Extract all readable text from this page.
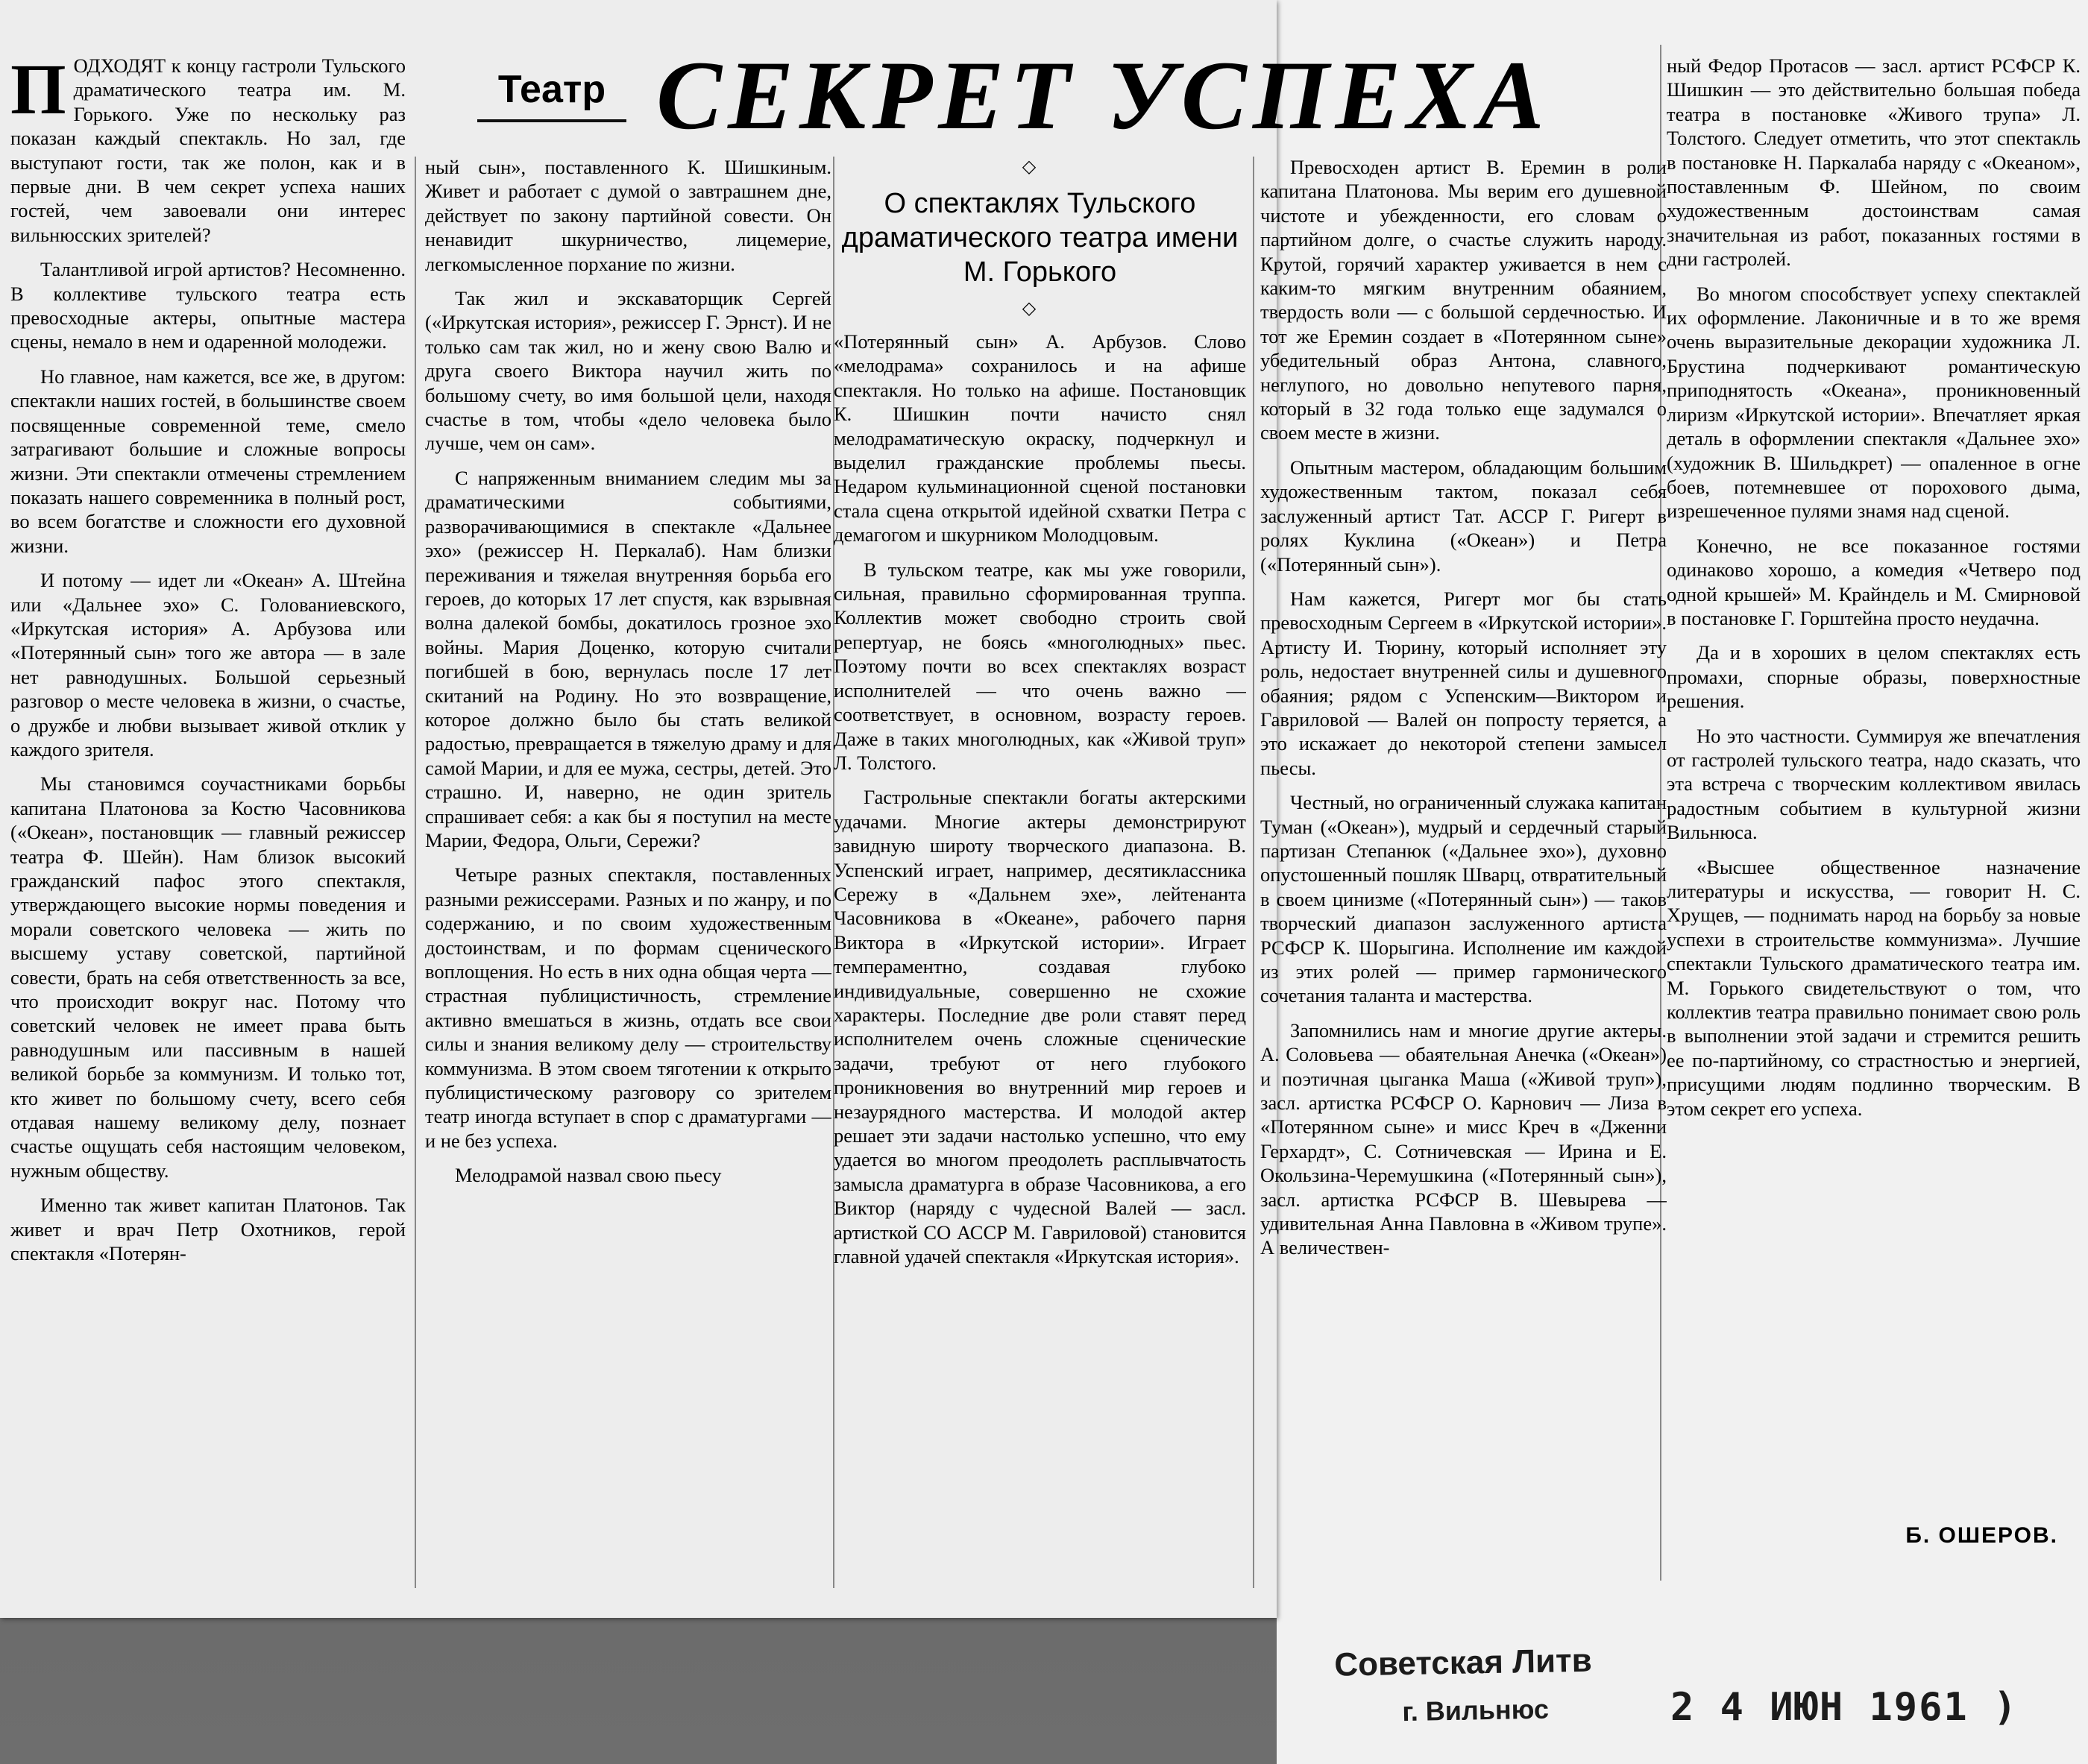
Театр СЕКРЕТ УСПЕХА
◇
О спектаклях Тульского драматического театра имени М. Горького
◇

ПОДХОДЯТ к концу гастроли Тульского драматического театра им. М. Горького. Уже по нескольку раз показан каждый спектакль. Но зал, где выступают гости, так же полон, как и в первые дни. В чем секрет успеха наших гостей, чем завоевали они интерес вильнюсских зрителей?

Талантливой игрой артистов? Несомненно. В коллективе тульского театра есть превосходные актеры, опытные мастера сцены, немало в нем и одаренной молодежи.

Но главное, нам кажется, все же, в другом: спектакли наших гостей, в большинстве своем посвященные современной теме, смело затрагивают большие и сложные вопросы жизни. Эти спектакли отмечены стремлением показать нашего современника в полный рост, во всем богатстве и сложности его духовной жизни.

И потому — идет ли «Океан» А. Штейна или «Дальнее эхо» С. Голованиевского, «Иркутская история» А. Арбузова или «Потерянный сын» того же автора — в зале нет равнодушных. Большой серьезный разговор о месте человека в жизни, о счастье, о дружбе и любви вызывает живой отклик у каждого зрителя.

Мы становимся соучастниками борьбы капитана Платонова за Костю Часовникова («Океан», постановщик — главный режиссер театра Ф. Шейн). Нам близок высокий гражданский пафос этого спектакля, утверждающего высокие нормы поведения и морали советского человека — жить по высшему уставу советской, партийной совести, брать на себя ответственность за все, что происходит вокруг нас. Потому что советский человек не имеет права быть равнодушным или пассивным в нашей великой борьбе за коммунизм. И только тот, кто живет по большому счету, всего себя отдавая нашему великому делу, познает счастье ощущать себя настоящим человеком, нужным обществу.

Именно так живет капитан Платонов. Так живет и врач Петр Охотников, герой спектакля «Потерян-

ный сын», поставленного К. Шишкиным. Живет и работает с думой о завтрашнем дне, действует по закону партийной совести. Он ненавидит шкурничество, лицемерие, легкомысленное порхание по жизни.

Так жил и экскаваторщик Сергей («Иркутская история», режиссер Г. Эрнст). И не только сам так жил, но и жену свою Валю и друга своего Виктора научил жить по большому счету, во имя большой цели, находя счастье в том, чтобы «дело человека было лучше, чем он сам».

С напряженным вниманием следим мы за драматическими событиями, разворачивающимися в спектакле «Дальнее эхо» (режиссер Н. Перкалаб). Нам близки переживания и тяжелая внутренняя борьба его героев, до которых 17 лет спустя, как взрывная волна далекой бомбы, докатилось грозное эхо войны. Мария Доценко, которую считали погибшей в бою, вернулась после 17 лет скитаний на Родину. Но это возвращение, которое должно было бы стать великой радостью, превращается в тяжелую драму и для самой Марии, и для ее мужа, сестры, детей. Это страшно. И, наверно, не один зритель спрашивает себя: а как бы я поступил на месте Марии, Федора, Ольги, Сережи?

Четыре разных спектакля, поставленных разными режиссерами. Разных и по жанру, и по содержанию, и по своим художественным достоинствам, и по формам сценического воплощения. Но есть в них одна общая черта — страстная публицистичность, стремление активно вмешаться в жизнь, отдать все свои силы и знания великому делу — строительству коммунизма. В этом своем тяготении к открыто публицистическому разговору со зрителем театр иногда вступает в спор с драматургами — и не без успеха.

Мелодрамой назвал свою пьесу

«Потерянный сын» А. Арбузов. Слово «мелодрама» сохранилось и на афише спектакля. Но только на афише. Постановщик К. Шишкин почти начисто снял мелодраматическую окраску, подчеркнул и выделил гражданские проблемы пьесы. Недаром кульминационной сценой постановки стала сцена открытой идейной схватки Петра с демагогом и шкурником Молодцовым.

В тульском театре, как мы уже говорили, сильная, правильно сформированная труппа. Коллектив может свободно строить свой репертуар, не боясь «многолюдных» пьес. Поэтому почти во всех спектаклях возраст исполнителей — что очень важно — соответствует, в основном, возрасту героев. Даже в таких многолюдных, как «Живой труп» Л. Толстого.

Гастрольные спектакли богаты актерскими удачами. Многие актеры демонстрируют завидную широту творческого диапазона. В. Успенский играет, например, десятиклассника Сережу в «Дальнем эхе», лейтенанта Часовникова в «Океане», рабочего парня Виктора в «Иркутской истории». Играет темпераментно, создавая глубоко индивидуальные, совершенно не схожие характеры. Последние две роли ставят перед исполнителем очень сложные сценические задачи, требуют от него глубокого проникновения во внутренний мир героев и незаурядного мастерства. И молодой актер решает эти задачи настолько успешно, что ему удается во многом преодолеть расплывчатость замысла драматурга в образе Часовникова, а его Виктор (наряду с чудесной Валей — засл. артисткой СО АССР М. Гавриловой) становится главной удачей спектакля «Иркутская история».

Превосходен артист В. Еремин в роли капитана Платонова. Мы верим его душевной чистоте и убежденности, его словам о партийном долге, о счастье служить народу. Крутой, горячий характер уживается в нем с каким-то мягким внутренним обаянием, твердость воли — с большой сердечностью. И тот же Еремин создает в «Потерянном сыне» убедительный образ Антона, славного, неглупого, но довольно непутевого парня, который в 32 года только еще задумался о своем месте в жизни.

Опытным мастером, обладающим большим художественным тактом, показал себя заслуженный артист Тат. АССР Г. Ригерт в ролях Куклина («Океан») и Петра («Потерянный сын»).

Нам кажется, Ригерт мог бы стать превосходным Сергеем в «Иркутской истории». Артисту И. Тюрину, который исполняет эту роль, недостает внутренней силы и душевного обаяния; рядом с Успенским—Виктором и Гавриловой — Валей он попросту теряется, а это искажает до некоторой степени замысел пьесы.

Честный, но ограниченный служака капитан Туман («Океан»), мудрый и сердечный старый партизан Степанюк («Дальнее эхо»), духовно опустошенный пошляк Шварц, отвратительный в своем цинизме («Потерянный сын») — таков творческий диапазон заслуженного артиста РСФСР К. Шорыгина. Исполнение им каждой из этих ролей — пример гармонического сочетания таланта и мастерства.

Запомнились нам и многие другие актеры. А. Соловьева — обаятельная Анечка («Океан») и поэтичная цыганка Маша («Живой труп»), засл. артистка РСФСР О. Карнович — Лиза в «Потерянном сыне» и мисс Креч в «Дженни Герхардт», С. Сотничевская — Ирина и Е. Окользина-Черемушкина («Потерянный сын»), засл. артистка РСФСР В. Шевырева — удивительная Анна Павловна в «Живом трупе». А величествен-

ный Федор Протасов — засл. артист РСФСР К. Шишкин — это действительно большая победа театра в постановке «Живого трупа» Л. Толстого. Следует отметить, что этот спектакль в постановке Н. Паркалаба наряду с «Океаном», поставленным Ф. Шейном, по своим художественным достоинствам самая значительная из работ, показанных гостями в дни гастролей.

Во многом способствует успеху спектаклей их оформление. Лаконичные и в то же время очень выразительные декорации художника Л. Брустина подчеркивают романтическую приподнятость «Океана», проникновенный лиризм «Иркутской истории». Впечатляет яркая деталь в оформлении спектакля «Дальнее эхо» (художник В. Шильдкрет) — опаленное в огне боев, потемневшее от порохового дыма, изрешеченное пулями знамя над сценой.

Конечно, не все показанное гостями одинаково хорошо, а комедия «Четверо под одной крышей» М. Крайндель и М. Смирновой в постановке Г. Горштейна просто неудачна.

Да и в хороших в целом спектаклях есть промахи, спорные образы, поверхностные решения.

Но это частности. Суммируя же впечатления от гастролей тульского театра, надо сказать, что эта встреча с творческим коллективом явилась радостным событием в культурной жизни Вильнюса.

«Высшее общественное назначение литературы и искусства, — говорит Н. С. Хрущев, — поднимать народ на борьбу за новые успехи в строительстве коммунизма». Лучшие спектакли Тульского драматического театра им. М. Горького свидетельствуют о том, что коллектив театра правильно понимает свою роль в выполнении этой задачи и стремится решить ее по-партийному, со страстностью и энергией, присущими людям подлинно творческим. В этом секрет его успеха.

Б. ОШЕРОВ.
Советская Литв
г. Вильнюс	2 4 ИЮН 1961 )
